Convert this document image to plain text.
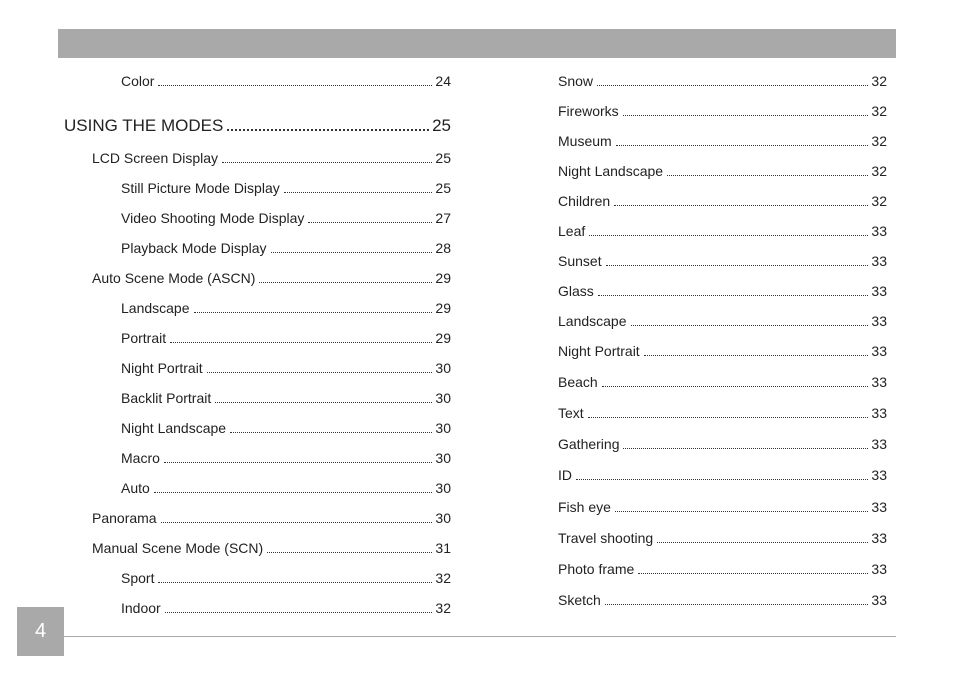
Color	24
USING THE MODES	25
LCD Screen Display	25
Still Picture Mode Display	25
Video Shooting Mode Display	27
Playback Mode Display	28
Auto Scene Mode (ASCN)	29
Landscape	29
Portrait	29
Night Portrait	30
Backlit Portrait	30
Night Landscape	30
Macro	30
Auto	30
Panorama	30
Manual Scene Mode (SCN)	31
Sport	32
Indoor	32
Snow	32
Fireworks	32
Museum	32
Night Landscape	32
Children	32
Leaf	33
Sunset	33
Glass	33
Landscape	33
Night Portrait	33
Beach	33
Text	33
Gathering	33
ID	33
Fish eye	33
Travel shooting	33
Photo frame	33
Sketch	33
4
